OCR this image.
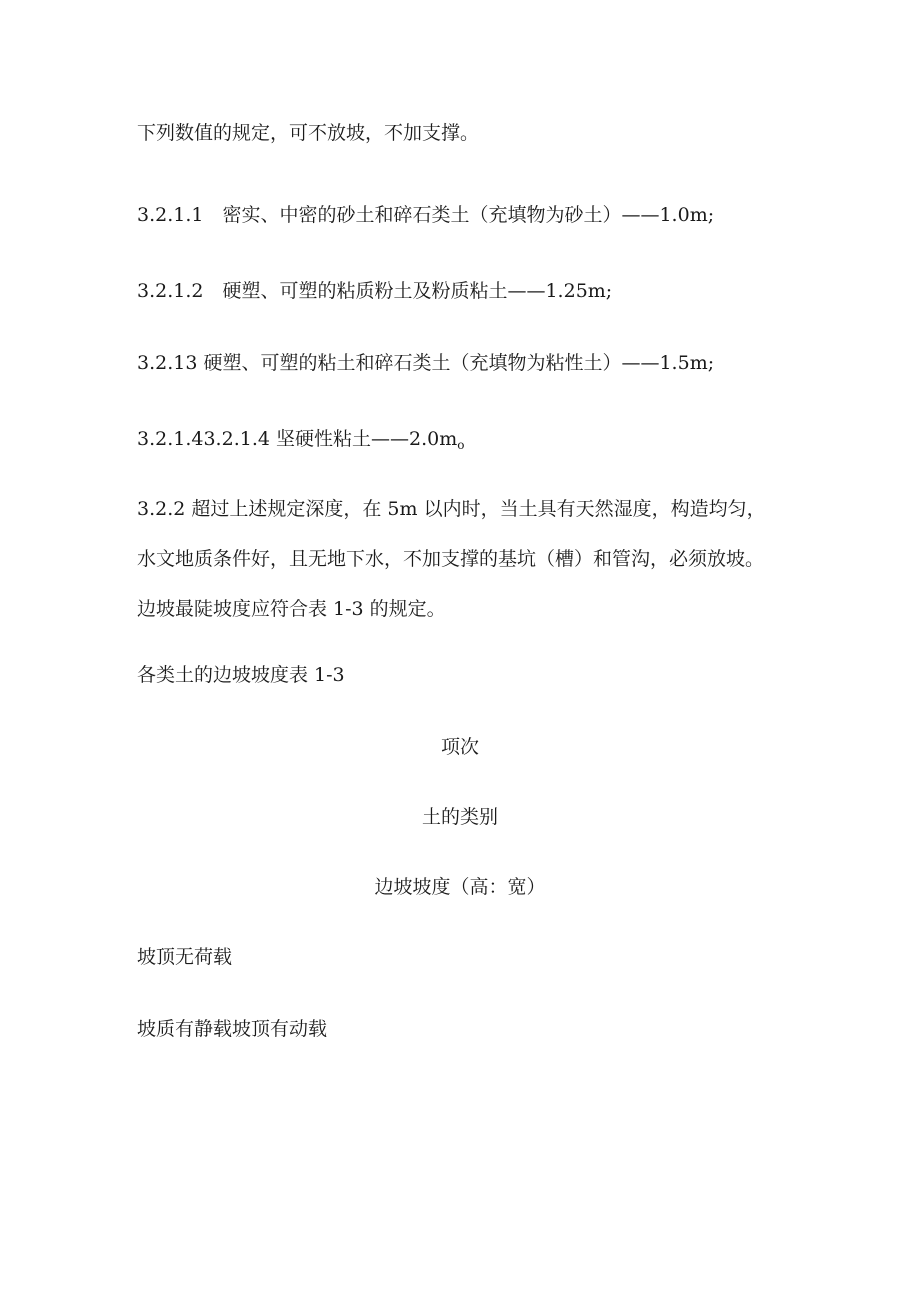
下列数值的规定，可不放坡，不加支撑。
3.2.1.1　密实、中密的砂土和碎石类土（充填物为砂土）——1.0m;
3.2.1.2　硬塑、可塑的粘质粉土及粉质粘土——1.25m;
3.2.13 硬塑、可塑的粘土和碎石类土（充填物为粘性土）——1.5m;
3.2.1.43.2.1.4 坚硬性粘土$——2.0m_o$
3.2.2 超过上述规定深度，在 5m 以内时，当土具有天然湿度，构造均匀，
水文地质条件好，且无地下水，不加支撑的基坑（槽）和管沟，必须放坡。
边坡最陡坡度应符合表 1-3 的规定。
各类土的边坡坡度表 1-3
项次
土的类别
边坡坡度（高：宽）
坡顶无荷载
坡质有静载坡顶有动载
